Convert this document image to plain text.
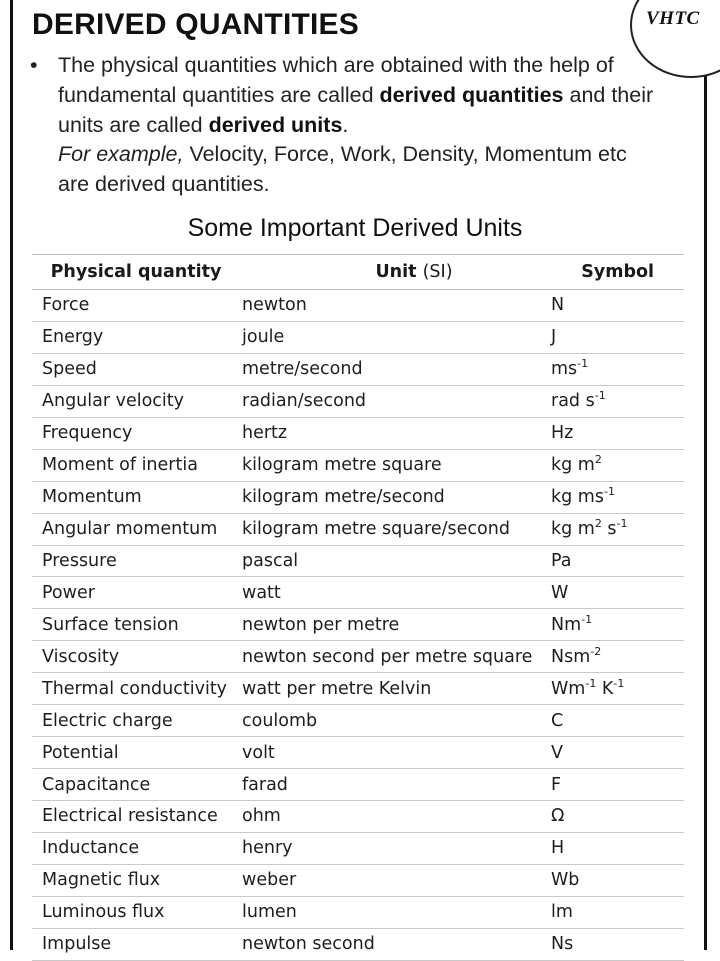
VHTC
DERIVED QUANTITIES
• The physical quantities which are obtained with the help of
fundamental quantities are called derived quantities and their
units are called derived units.
For example, Velocity, Force, Work, Density, Momentum etc
are derived quantities.

Some Important Derived Units
Physical quantity	Unit (SI)	Symbol
Force	newton	N
Energy	joule	J
Speed	metre/second	$ms^{-1}$
Angular velocity	radian/second	rad $s^{-1}$
Frequency	hertz	Hz
Moment of inertia	kilogram metre square	kg $m^2$
Momentum	kilogram metre/second	kg $ms^{-1}$
Angular momentum	kilogram metre square/second	kg $m^2$ $s^{-1}$
Pressure	pascal	Pa
Power	watt	W
Surface tension	newton per metre	$Nm^{-1}$
Viscosity	newton second per metre square	Nsm$^{-2}$
Thermal conductivity	watt per metre Kelvin	$Wm^{-1}$ $K^{-1}$
Electric charge	coulomb	C
Potential	volt	V
Capacitance	farad	F
Electrical resistance	ohm	Ω
Inductance	henry	H
Magnetic flux	weber	Wb
Luminous flux	lumen	lm
Impulse	newton second	Ns
